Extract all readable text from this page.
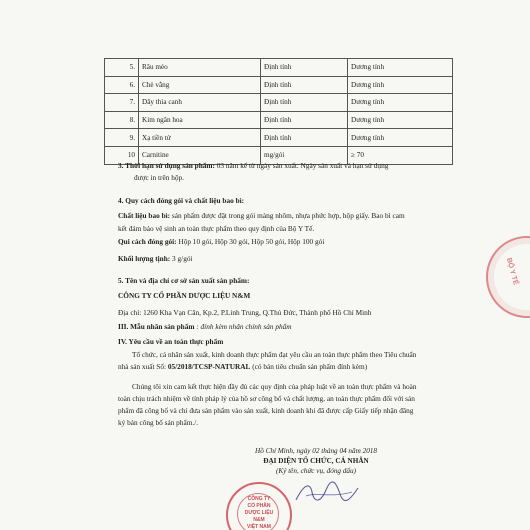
BỘ Y TẾ
5.	Râu mèo	Định tính	Dương tính
6.	Chè vằng	Định tính	Dương tính
7.	Dây thìa canh	Định tính	Dương tính
8.	Kim ngân hoa	Định tính	Dương tính
9.	Xạ tiền tử	Định tính	Dương tính
10	Carnitine	mg/gói	≥ 70
3. Thời hạn sử dụng sản phẩm: 03 năm kể từ ngày sản xuất. Ngày sản xuất và hạn sử dụng
được in trên hộp.
4. Quy cách đóng gói và chất liệu bao bì:
Chất liệu bao bì: sản phẩm được đặt trong gói màng nhôm, nhựa phức hợp, hộp giấy. Bao bì cam
kết đảm bảo vệ sinh an toàn thực phẩm theo quy định của Bộ Y Tế.
Qui cách đóng gói: Hộp 10 gói, Hộp 30 gói, Hộp 50 gói, Hộp 100 gói
Khối lượng tịnh: 3 g/gói
5. Tên và địa chỉ cơ sở sản xuất sản phẩm:
CÔNG TY CỔ PHẦN DƯỢC LIỆU N&M
Địa chỉ: 1260 Kha Vạn Cân, Kp.2, P.Linh Trung, Q.Thủ Đức, Thành phố Hồ Chí Minh
III. Mẫu nhãn sản phẩm : đính kèm nhãn chính sản phẩm
IV. Yêu cầu về an toàn thực phẩm
Tổ chức, cá nhân sản xuất, kinh doanh thực phẩm đạt yêu cầu an toàn thực phẩm theo Tiêu chuẩn
nhà sản xuất Số: 05/2018/TCSP-NATURAL (có bản tiêu chuẩn sản phẩm đính kèm)
Chúng tôi xin cam kết thực hiện đầy đủ các quy định của pháp luật về an toàn thực phẩm và hoàn
toàn chịu trách nhiệm về tính pháp lý của hồ sơ công bố và chất lượng, an toàn thực phẩm đối với sản
phẩm đã công bố và chỉ đưa sản phẩm vào sản xuất, kinh doanh khi đã được cấp Giấy tiếp nhận đăng
ký bản công bố sản phẩm./.
Hồ Chí Minh, ngày 02 tháng 04 năm 2018
ĐẠI DIỆN TỔ CHỨC, CÁ NHÂN
(Ký tên, chức vụ, đóng dấu)
CÔNG TY
CỔ PHẦN
DƯỢC LIỆU
N&M
VIỆT NAM
